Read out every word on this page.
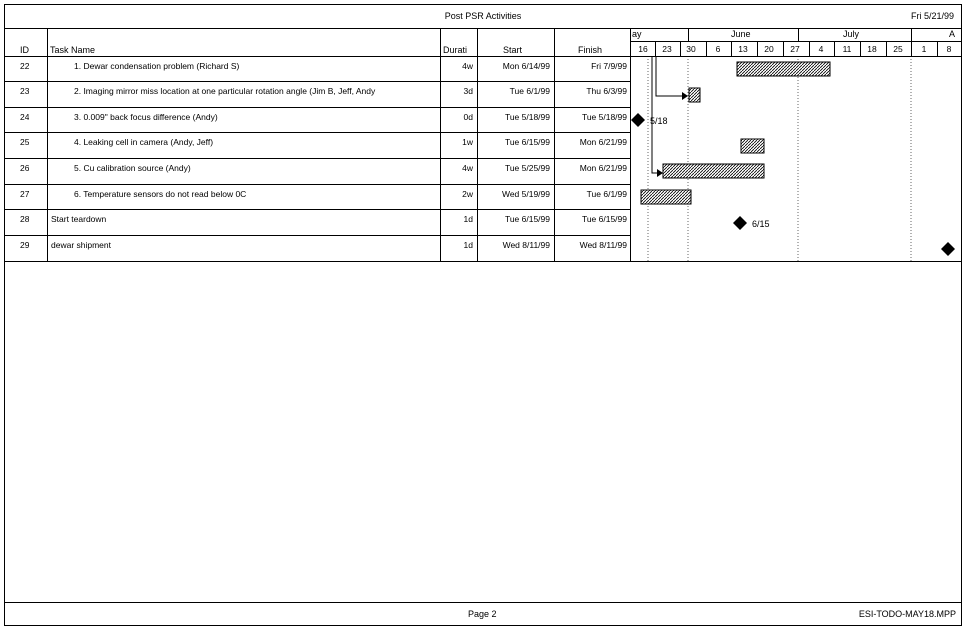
Post PSR Activities	Fri 5/21/99
ID Task Name	Durati	Start	Finish
22	1. Dewar condensation problem (Richard S)	4w	Mon 6/14/99	Fri 7/9/99
23	2. Imaging mirror miss location at one particular rotation angle (Jim B, Jeff, Andy	3d	Tue 6/1/99	Thu 6/3/99
24	3. 0.009" back focus difference (Andy)	0d	Tue 5/18/99	Tue 5/18/99
25	4. Leaking cell in camera (Andy, Jeff)	1w	Tue 6/15/99	Mon 6/21/99
26	5. Cu calibration source (Andy)	4w	Tue 5/25/99	Mon 6/21/99
27	6. Temperature sensors do not read below 0C	2w	Wed 5/19/99	Tue 6/1/99
28	Start teardown	1d	Tue 6/15/99	Tue 6/15/99
29	dewar shipment	1d	Wed 8/11/99	Wed 8/11/99
ay	June	July	A
16	23	30	6	13	20	27	4	11	18	25	1	8
5/18
6/15
Page 2	ESI-TODO-MAY18.MPP
